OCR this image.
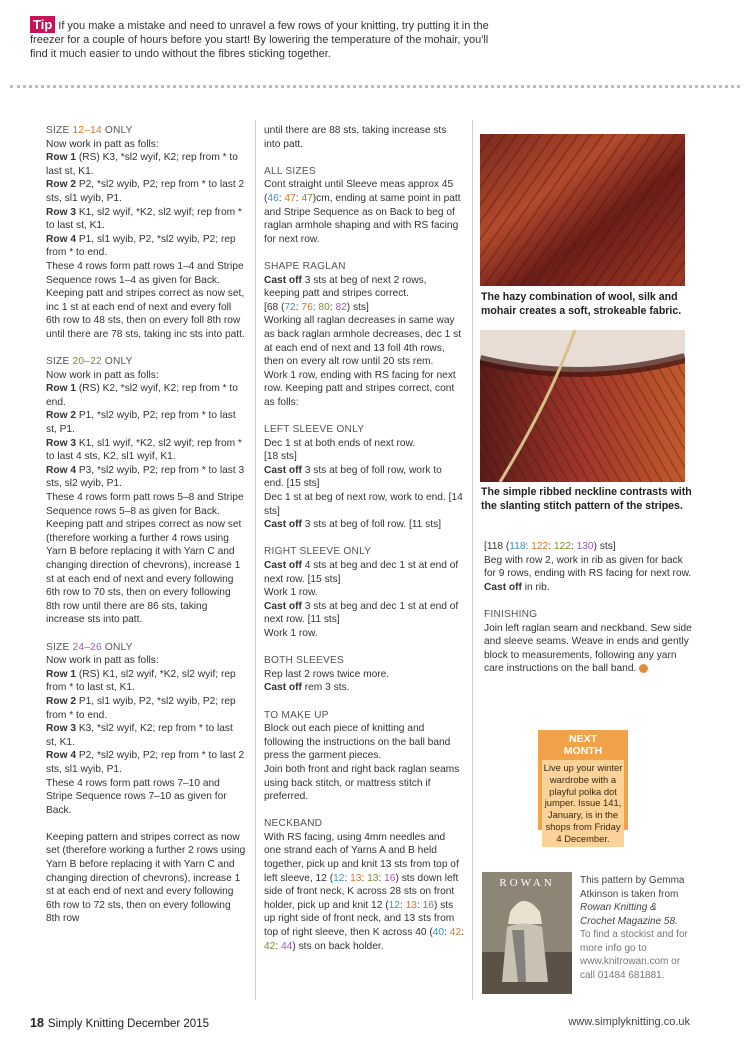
Tip If you make a mistake and need to unravel a few rows of your knitting, try putting it in the freezer for a couple of hours before you start! By lowering the temperature of the mohair, you'll find it much easier to undo without the fibres sticking together.

SIZE 12–14 ONLY

Now work in patt as folls:

Row 1 (RS) K3, *sl2 wyif, K2; rep from * to last st, K1.

Row 2 P2, *sl2 wyib, P2; rep from * to last 2 sts, sl1 wyib, P1.

Row 3 K1, sl2 wyif, *K2, sl2 wyif; rep from * to last st, K1.

Row 4 P1, sl1 wyib, P2, *sl2 wyib, P2; rep from * to end.

These 4 rows form patt rows 1–4 and Stripe Sequence rows 1–4 as given for Back.

Keeping patt and stripes correct as now set, inc 1 st at each end of next and every foll 6th row to 48 sts, then on every foll 8th row until there are 78 sts, taking inc sts into patt.

SIZE 20–22 ONLY

Now work in patt as folls:

Row 1 (RS) K2, *sl2 wyif, K2; rep from * to end.

Row 2 P1, *sl2 wyib, P2; rep from * to last st, P1.

Row 3 K1, sl1 wyif, *K2, sl2 wyif; rep from * to last 4 sts, K2, sl1 wyif, K1.

Row 4 P3, *sl2 wyib, P2; rep from * to last 3 sts, sl2 wyib, P1.

These 4 rows form patt rows 5–8 and Stripe Sequence rows 5–8 as given for Back.

Keeping patt and stripes correct as now set (therefore working a further 4 rows using Yarn B before replacing it with Yarn C and changing direction of chevrons), increase 1 st at each end of next and every following 6th row to 70 sts, then on every following 8th row until there are 86 sts, taking increase sts into patt.

SIZE 24–26 ONLY

Now work in patt as folls:

Row 1 (RS) K1, sl2 wyif, *K2, sl2 wyif; rep from * to last st, K1.

Row 2 P1, sl1 wyib, P2, *sl2 wyib, P2; rep from * to end.

Row 3 K3, *sl2 wyif, K2; rep from * to last st, K1.

Row 4 P2, *sl2 wyib, P2; rep from * to last 2 sts, sl1 wyib, P1.

These 4 rows form patt rows 7–10 and Stripe Sequence rows 7–10 as given for Back.

Keeping pattern and stripes correct as now set (therefore working a further 2 rows using Yarn B before replacing it with Yarn C and changing direction of chevrons), increase 1 st at each end of next and every following 6th row to 72 sts, then on every following 8th row

until there are 88 sts, taking increase sts into patt.

ALL SIZES

Cont straight until Sleeve meas approx 45 (46: 47: 47)cm, ending at same point in patt and Stripe Sequence as on Back to beg of raglan armhole shaping and with RS facing for next row.

SHAPE RAGLAN

Cast off 3 sts at beg of next 2 rows, keeping patt and stripes correct.

[68 (72: 76: 80: 82) sts]

Working all raglan decreases in same way as back raglan armhole decreases, dec 1 st at each end of next and 13 foll 4th rows, then on every alt row until 20 sts rem.

Work 1 row, ending with RS facing for next row. Keeping patt and stripes correct, cont as folls:

LEFT SLEEVE ONLY

Dec 1 st at both ends of next row.

[18 sts]

Cast off 3 sts at beg of foll row, work to end. [15 sts]

Dec 1 st at beg of next row, work to end. [14 sts]

Cast off 3 sts at beg of foll row. [11 sts]

RIGHT SLEEVE ONLY

Cast off 4 sts at beg and dec 1 st at end of next row. [15 sts]

Work 1 row.

Cast off 3 sts at beg and dec 1 st at end of next row. [11 sts]

Work 1 row.

BOTH SLEEVES

Rep last 2 rows twice more.

Cast off rem 3 sts.

TO MAKE UP

Block out each piece of knitting and following the instructions on the ball band press the garment pieces.

Join both front and right back raglan seams using back stitch, or mattress stitch if preferred.

NECKBAND

With RS facing, using 4mm needles and one strand each of Yarns A and B held together, pick up and knit 13 sts from top of left sleeve, 12 (12: 13: 13: 16) sts down left side of front neck, K across 28 sts on front holder, pick up and knit 12 (12: 13: 16) sts up right side of front neck, and 13 sts from top of right sleeve, then K across 40 (40: 42: 42: 44) sts on back holder.

The hazy combination of wool, silk and mohair creates a soft, strokeable fabric.
The simple ribbed neckline contrasts with the slanting stitch pattern of the stripes.

[118 (118: 122: 122: 130) sts]

Beg with row 2, work in rib as given for back for 9 rows, ending with RS facing for next row.

Cast off in rib.

FINISHING

Join left raglan seam and neckband. Sew side and sleeve seams. Weave in ends and gently block to measurements, following any yarn care instructions on the ball band.

NEXT
MONTH
Live up your winter wardrobe with a playful polka dot jumper. Issue 141, January, is in the shops from Friday 4 December.
ROWAN	This pattern by Gemma Atkinson is taken from Rowan Knitting & Crochet Magazine 58.
To find a stockist and for more info go to www.knitrowan.com or call 01484 681881.
18 Simply Knitting December 2015	www.simplyknitting.co.uk
